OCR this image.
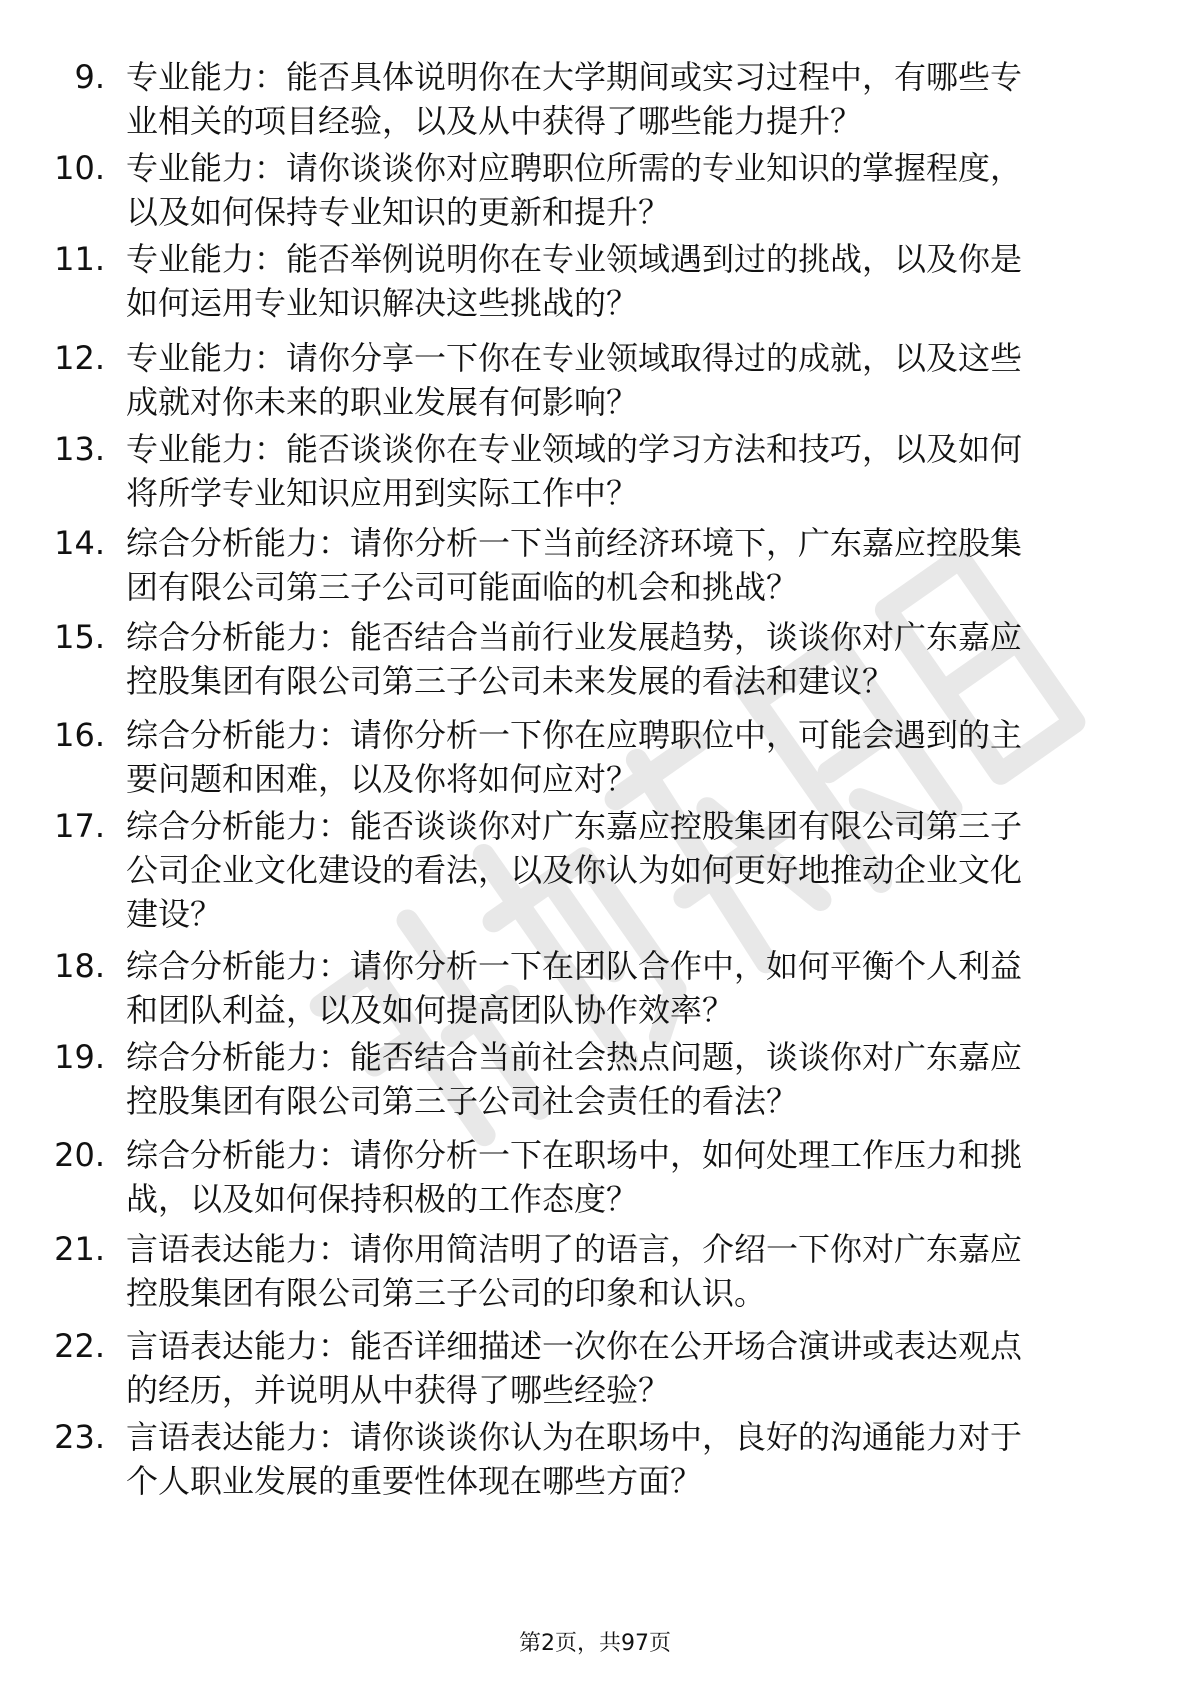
9. 专业能力：能否具体说明你在大学期间或实习过程中，有哪些专
业相关的项目经验，以及从中获得了哪些能力提升？
10. 专业能力：请你谈谈你对应聘职位所需的专业知识的掌握程度，
以及如何保持专业知识的更新和提升？
11. 专业能力：能否举例说明你在专业领域遇到过的挑战，以及你是
如何运用专业知识解决这些挑战的？
12. 专业能力：请你分享一下你在专业领域取得过的成就，以及这些
成就对你未来的职业发展有何影响？
13. 专业能力：能否谈谈你在专业领域的学习方法和技巧，以及如何
将所学专业知识应用到实际工作中？
14. 综合分析能力：请你分析一下当前经济环境下，广东嘉应控股集
团有限公司第三子公司可能面临的机会和挑战？
15. 综合分析能力：能否结合当前行业发展趋势，谈谈你对广东嘉应
控股集团有限公司第三子公司未来发展的看法和建议？
16. 综合分析能力：请你分析一下你在应聘职位中，可能会遇到的主
要问题和困难，以及你将如何应对？
17. 综合分析能力：能否谈谈你对广东嘉应控股集团有限公司第三子
公司企业文化建设的看法，以及你认为如何更好地推动企业文化
建设？
18. 综合分析能力：请你分析一下在团队合作中，如何平衡个人利益
和团队利益，以及如何提高团队协作效率？
19. 综合分析能力：能否结合当前社会热点问题，谈谈你对广东嘉应
控股集团有限公司第三子公司社会责任的看法？
20. 综合分析能力：请你分析一下在职场中，如何处理工作压力和挑
战，以及如何保持积极的工作态度？
21. 言语表达能力：请你用简洁明了的语言，介绍一下你对广东嘉应
控股集团有限公司第三子公司的印象和认识。
22. 言语表达能力：能否详细描述一次你在公开场合演讲或表达观点
的经历，并说明从中获得了哪些经验？
23. 言语表达能力：请你谈谈你认为在职场中，良好的沟通能力对于
个人职业发展的重要性体现在哪些方面？
第2页，共97页
